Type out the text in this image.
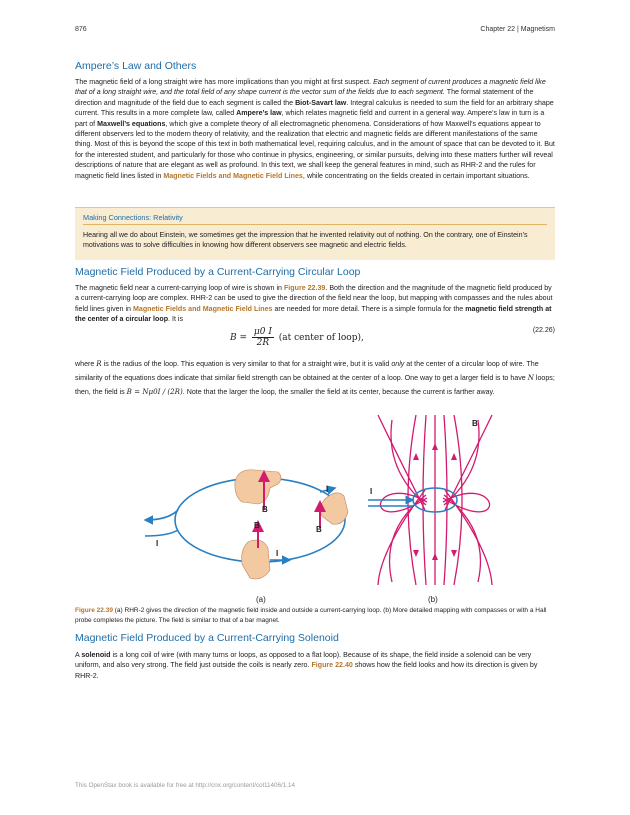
876	Chapter 22 | Magnetism
Ampere’s Law and Others

The magnetic field of a long straight wire has more implications than you might at first suspect. Each segment of current produces a magnetic field like that of a long straight wire, and the total field of any shape current is the vector sum of the fields due to each segment. The formal statement of the direction and magnitude of the field due to each segment is called the Biot-Savart law. Integral calculus is needed to sum the field for an arbitrary shape current. This results in a more complete law, called Ampere’s law, which relates magnetic field and current in a general way. Ampere’s law in turn is a part of Maxwell’s equations, which give a complete theory of all electromagnetic phenomena. Considerations of how Maxwell’s equations appear to different observers led to the modern theory of relativity, and the realization that electric and magnetic fields are different manifestations of the same thing. Most of this is beyond the scope of this text in both mathematical level, requiring calculus, and in the amount of space that can be devoted to it. But for the interested student, and particularly for those who continue in physics, engineering, or similar pursuits, delving into these matters further will reveal descriptions of nature that are elegant as well as profound. In this text, we shall keep the general features in mind, such as RHR-2 and the rules for magnetic field lines listed in Magnetic Fields and Magnetic Field Lines, while concentrating on the fields created in certain important situations.

Making Connections: Relativity

Hearing all we do about Einstein, we sometimes get the impression that he invented relativity out of nothing. On the contrary, one of Einstein’s motivations was to solve difficulties in knowing how different observers see magnetic and electric fields.

Magnetic Field Produced by a Current-Carrying Circular Loop

The magnetic field near a current-carrying loop of wire is shown in Figure 22.39. Both the direction and the magnitude of the magnetic field produced by a current-carrying loop are complex. RHR-2 can be used to give the direction of the field near the loop, but mapping with compasses and the rules about field lines given in Magnetic Fields and Magnetic Field Lines are needed for more detail. There is a simple formula for the magnetic field strength at the center of a circular loop. It is

$B = \frac{\mu 0 I}{2R} (at$ center of loop),
(22.26)

where R is the radius of the loop. This equation is very similar to that for a straight wire, but it is valid only at the center of a circular loop of wire. The similarity of the equations does indicate that similar field strength can be obtained at the center of a loop. One way to get a larger field is to have N loops; then, the field is B = Nμ0I / (2R). Note that the larger the loop, the smaller the field at its center, because the current is farther away.

B
B	B
I
I
I
(a)
I
B
(b)
Figure 22.39 (a) RHR-2 gives the direction of the magnetic field inside and outside a current-carrying loop. (b) More detailed mapping with compasses or with a Hall probe completes the picture. The field is similar to that of a bar magnet.
Magnetic Field Produced by a Current-Carrying Solenoid

A solenoid is a long coil of wire (with many turns or loops, as opposed to a flat loop). Because of its shape, the field inside a solenoid can be very uniform, and also very strong. The field just outside the coils is nearly zero. Figure 22.40 shows how the field looks and how its direction is given by RHR-2.

This OpenStax book is available for free at http://cnx.org/content/col11406/1.14
